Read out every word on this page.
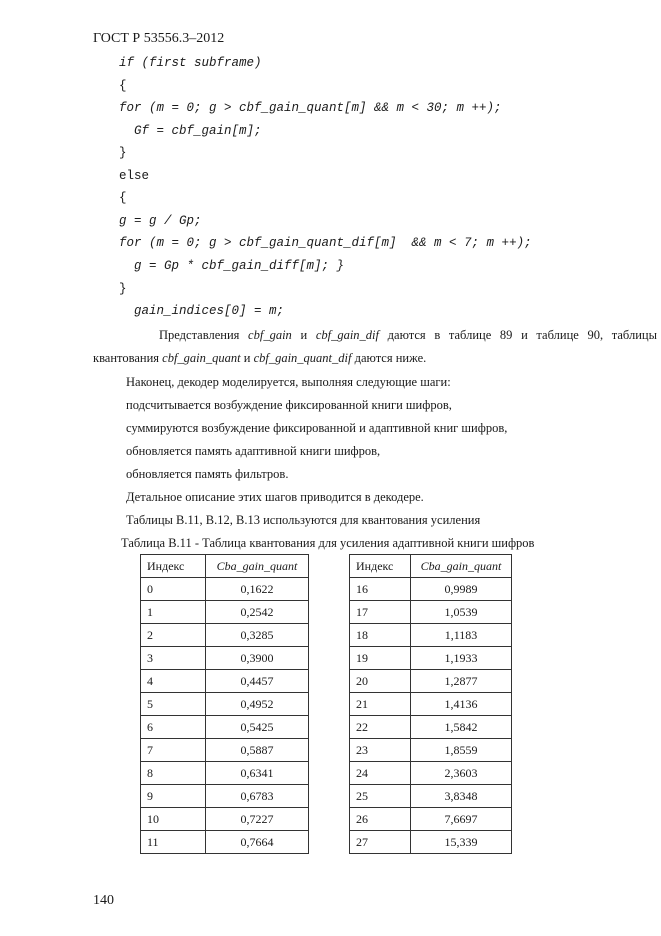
ГОСТ Р 53556.3–2012
if (first subframe)
{
for (m = 0; g > cbf_gain_quant[m] && m < 30; m ++);
Gf = cbf_gain[m];
}
else
{
g = g / Gp;
for (m = 0; g > cbf_gain_quant_dif[m]  && m < 7; m ++);
g = Gp * cbf_gain_diff[m]; }
}
gain_indices[0] = m;
Представления cbf_gain и cbf_gain_dif даются в таблице 89 и таблице 90, таблицы
квантования cbf_gain_quant и cbf_gain_quant_dif даются ниже.
Наконец, декодер моделируется, выполняя следующие шаги:
подсчитывается возбуждение фиксированной книги шифров,
суммируются возбуждение фиксированной и адаптивной книг шифров,
обновляется память адаптивной книги шифров,
обновляется память фильтров.
Детальное описание этих шагов приводится в декодере.
Таблицы В.11, В.12, В.13 используются для квантования усиления
Таблица В.11 - Таблица квантования для усиления адаптивной книги шифров
Индекс	Cba_gain_quant
0	0,1622
1	0,2542
2	0,3285
3	0,3900
4	0,4457
5	0,4952
6	0,5425
7	0,5887
8	0,6341
9	0,6783
10	0,7227
11	0,7664
Индекс	Cba_gain_quant
16	0,9989
17	1,0539
18	1,1183
19	1,1933
20	1,2877
21	1,4136
22	1,5842
23	1,8559
24	2,3603
25	3,8348
26	7,6697
27	15,339
140
